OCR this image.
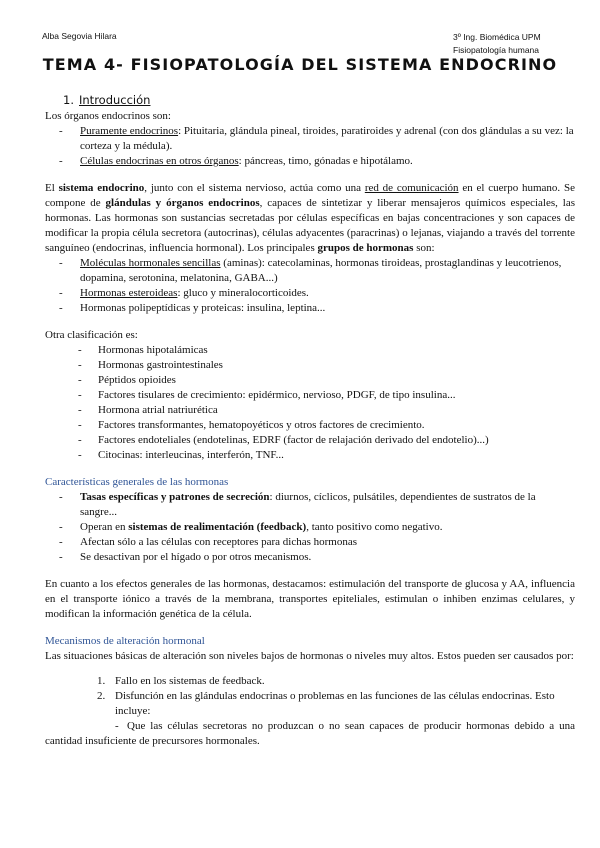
Alba Segovia Hilara	3º Ing. Biomédica UPM
Fisiopatología humana
TEMA 4- FISIOPATOLOGÍA DEL SISTEMA ENDOCRINO
1. Introducción

Los órganos endocrinos son:

- Puramente endocrinos: Pituitaria, glándula pineal, tiroides, paratiroides y adrenal (con dos glándulas a su vez: la corteza y la médula).
- Células endocrinas en otros órganos: páncreas, timo, gónadas e hipotálamo.

El sistema endocrino, junto con el sistema nervioso, actúa como una red de comunicación en el cuerpo humano. Se compone de glándulas y órganos endocrinos, capaces de sintetizar y liberar mensajeros químicos especiales, las hormonas. Las hormonas son sustancias secretadas por células específicas en bajas concentraciones y son capaces de modificar la propia célula secretora (autocrinas), células adyacentes (paracrinas) o lejanas, viajando a través del torrente sanguíneo (endocrinas, influencia hormonal). Los principales grupos de hormonas son:

- Moléculas hormonales sencillas (aminas): catecolaminas, hormonas tiroideas, prostaglandinas y leucotrienos, dopamina, serotonina, melatonina, GABA...)
- Hormonas esteroideas: gluco y mineralocorticoides.
- Hormonas polipeptídicas y proteicas: insulina, leptina...

Otra clasificación es:

- Hormonas hipotalámicas
- Hormonas gastrointestinales
- Péptidos opioides
- Factores tisulares de crecimiento: epidérmico, nervioso, PDGF, de tipo insulina...
- Hormona atrial natriurética
- Factores transformantes, hematopoyéticos y otros factores de crecimiento.
- Factores endoteliales (endotelinas, EDRF (factor de relajación derivado del endotelio)...)
- Citocinas: interleucinas, interferón, TNF...

Características generales de las hormonas

- Tasas específicas y patrones de secreción: diurnos, cíclicos, pulsátiles, dependientes de sustratos de la sangre...
- Operan en sistemas de realimentación (feedback), tanto positivo como negativo.
- Afectan sólo a las células con receptores para dichas hormonas
- Se desactivan por el hígado o por otros mecanismos.

En cuanto a los efectos generales de las hormonas, destacamos: estimulación del transporte de glucosa y AA, influencia en el transporte iónico a través de la membrana, transportes epiteliales, estimulan o inhiben enzimas celulares, y modifican la información genética de la célula.

Mecanismos de alteración hormonal

Las situaciones básicas de alteración son niveles bajos de hormonas o niveles muy altos. Estos pueden ser causados por:

1. Fallo en los sistemas de feedback.
2. Disfunción en las glándulas endocrinas o problemas en las funciones de las células endocrinas. Esto incluye:

- Que las células secretoras no produzcan o no sean capaces de producir hormonas debido a una cantidad insuficiente de precursores hormonales.
